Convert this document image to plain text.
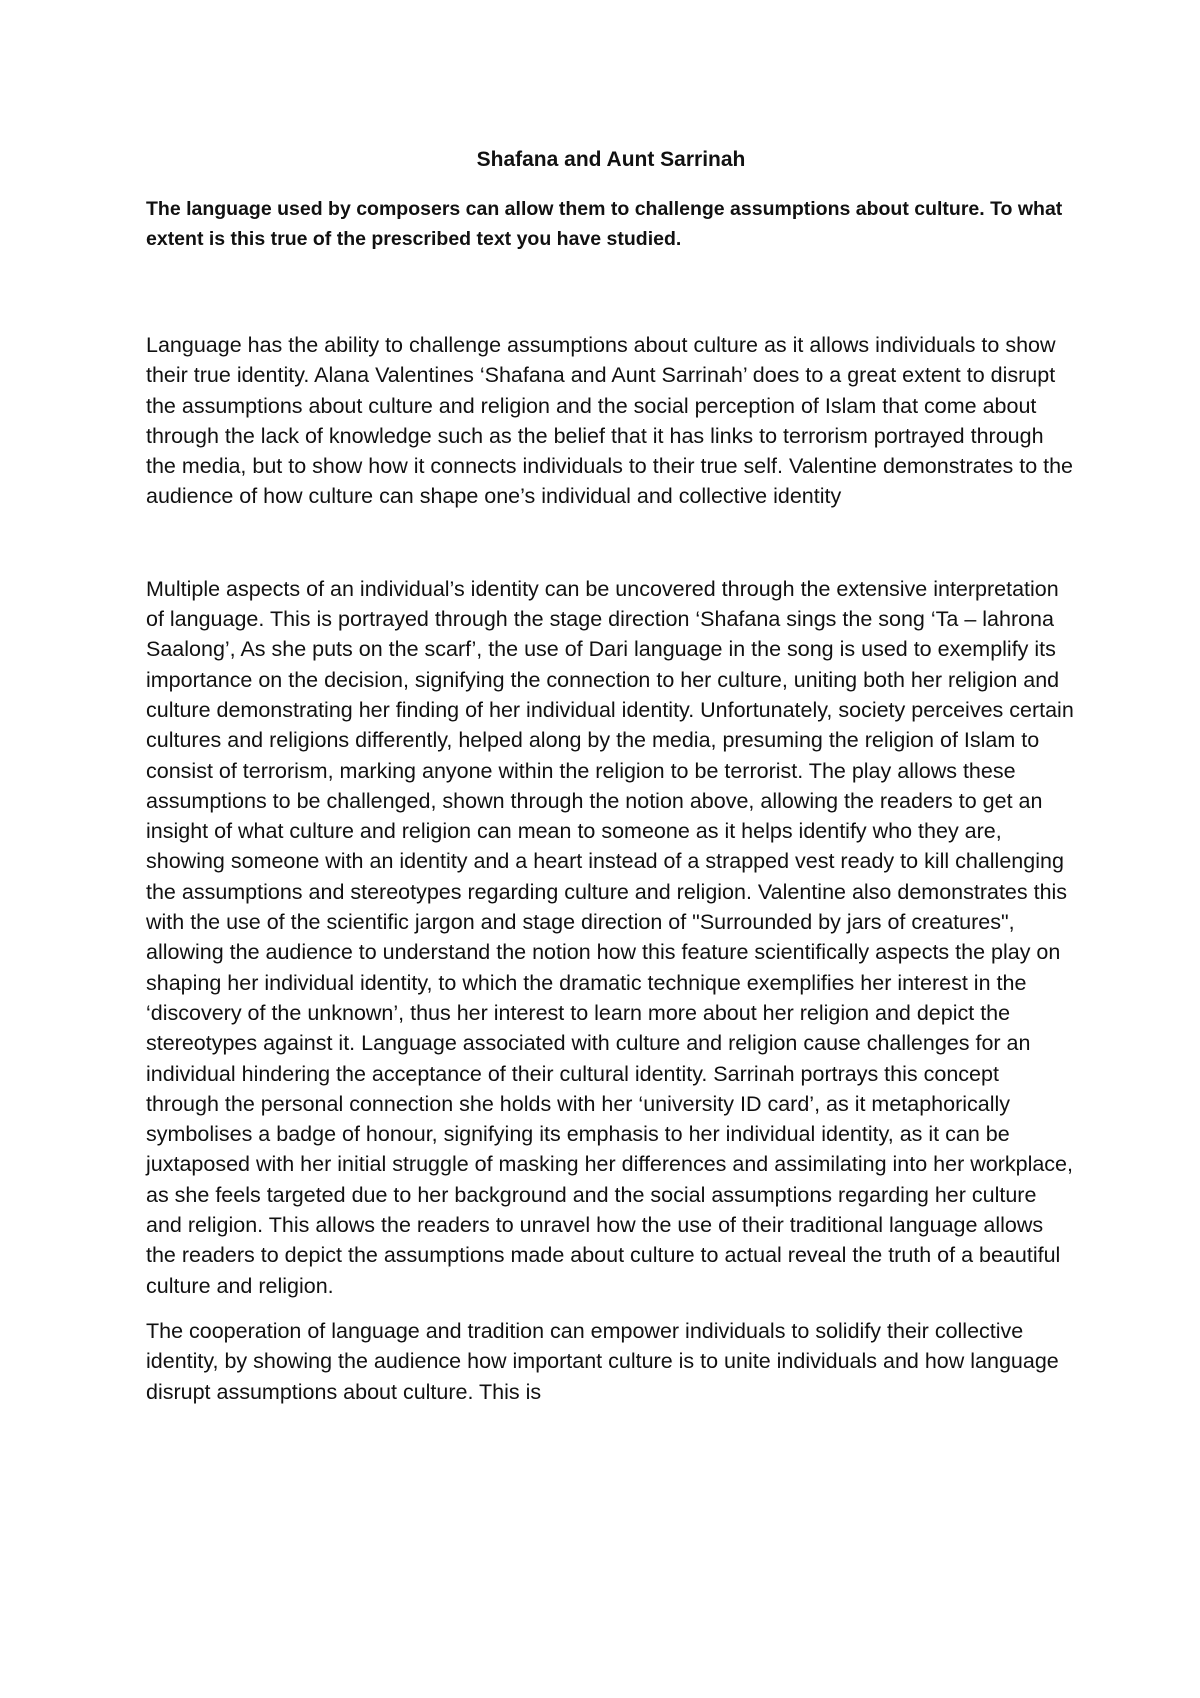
Shafana and Aunt Sarrinah

The language used by composers can allow them to challenge assumptions about culture. To what extent is this true of the prescribed text you have studied.

Language has the ability to challenge assumptions about culture as it allows individuals to show their true identity. Alana Valentines ‘Shafana and Aunt Sarrinah’ does to a great extent to disrupt the assumptions about culture and religion and the social perception of Islam that come about through the lack of knowledge such as the belief that it has links to terrorism portrayed through the media, but to show how it connects individuals to their true self. Valentine demonstrates to the audience of how culture can shape one’s individual and collective identity

Multiple aspects of an individual’s identity can be uncovered through the extensive interpretation of language. This is portrayed through the stage direction ‘Shafana sings the song ‘Ta – lahrona Saalong’, As she puts on the scarf’, the use of Dari language in the song is used to exemplify its importance on the decision, signifying the connection to her culture, uniting both her religion and culture demonstrating her finding of her individual identity. Unfortunately, society perceives certain cultures and religions differently, helped along by the media, presuming the religion of Islam to consist of terrorism, marking anyone within the religion to be terrorist. The play allows these assumptions to be challenged, shown through the notion above, allowing the readers to get an insight of what culture and religion can mean to someone as it helps identify who they are, showing someone with an identity and a heart instead of a strapped vest ready to kill challenging the assumptions and stereotypes regarding culture and religion. Valentine also demonstrates this with the use of the scientific jargon and stage direction of "Surrounded by jars of creatures", allowing the audience to understand the notion how this feature scientifically aspects the play on shaping her individual identity, to which the dramatic technique exemplifies her interest in the ‘discovery of the unknown’, thus her interest to learn more about her religion and depict the stereotypes against it. Language associated with culture and religion cause challenges for an individual hindering the acceptance of their cultural identity. Sarrinah portrays this concept through the personal connection she holds with her ‘university ID card’, as it metaphorically symbolises a badge of honour, signifying its emphasis to her individual identity, as it can be juxtaposed with her initial struggle of masking her differences and assimilating into her workplace, as she feels targeted due to her background and the social assumptions regarding her culture and religion. This allows the readers to unravel how the use of their traditional language allows the readers to depict the assumptions made about culture to actual reveal the truth of a beautiful culture and religion.

The cooperation of language and tradition can empower individuals to solidify their collective identity, by showing the audience how important culture is to unite individuals and how language disrupt assumptions about culture. This is
